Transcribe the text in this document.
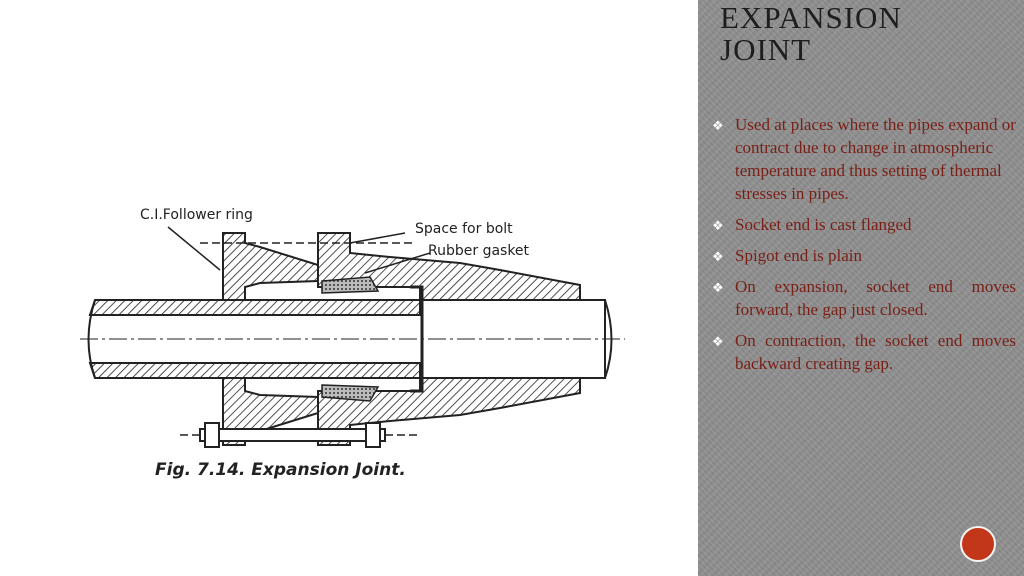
C.I.Follower ring
Space for bolt
Rubber gasket
Fig. 7.14. Expansion Joint.
EXPANSION
JOINT
❖ Used at places where the pipes expand or contract due to change in atmospheric temperature and thus setting of thermal stresses in pipes.
❖ Socket end is cast flanged
❖ Spigot end is plain
❖ On expansion, socket end moves forward, the gap just closed.
❖ On contraction, the socket end moves backward creating gap.
